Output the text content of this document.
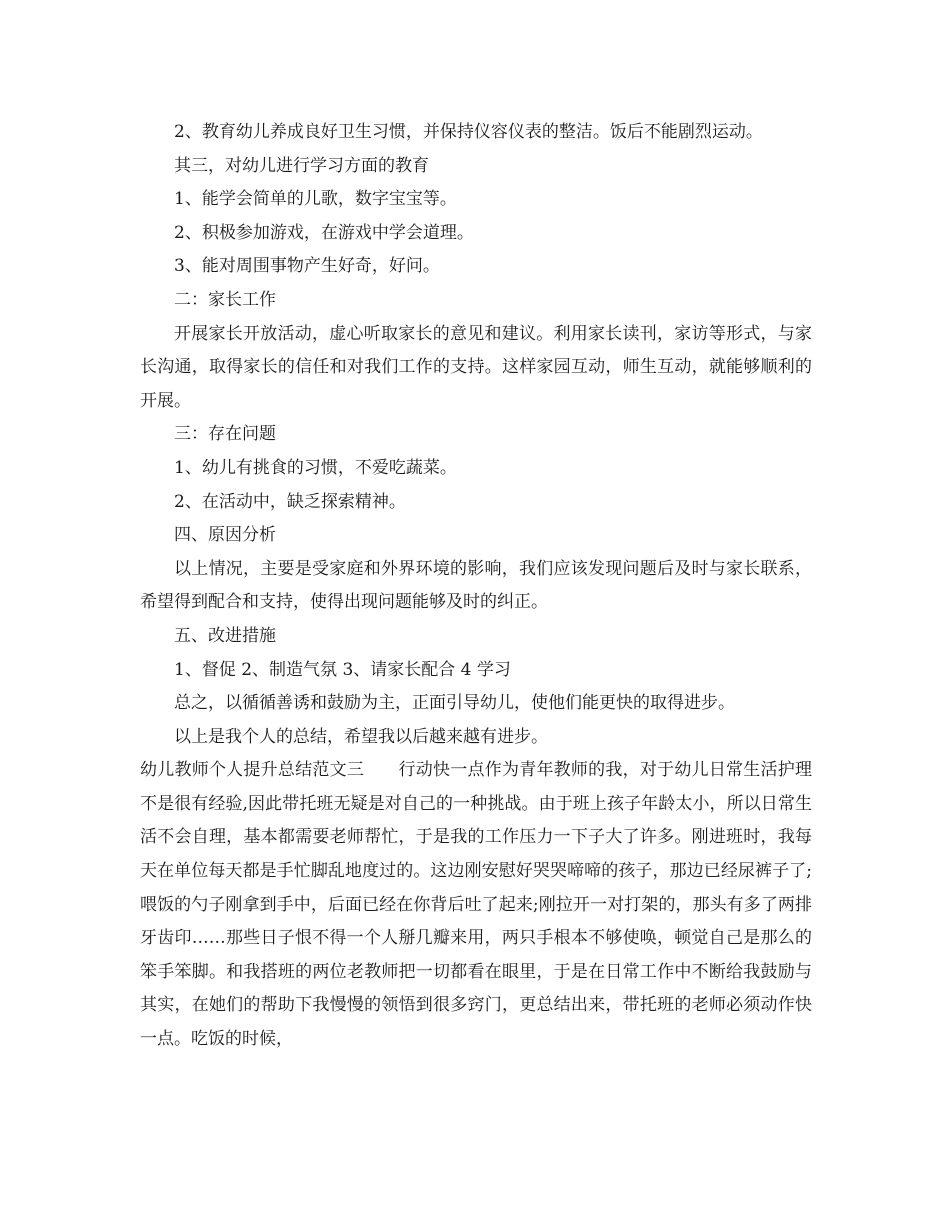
2、教育幼儿养成良好卫生习惯，并保持仪容仪表的整洁。饭后不能剧烈运动。

其三，对幼儿进行学习方面的教育

1、能学会简单的儿歌，数字宝宝等。

2、积极参加游戏，在游戏中学会道理。

3、能对周围事物产生好奇，好问。

二：家长工作

开展家长开放活动，虚心听取家长的意见和建议。利用家长读刊，家访等形式，与家长沟通，取得家长的信任和对我们工作的支持。这样家园互动，师生互动，就能够顺利的开展。

三：存在问题

1、幼儿有挑食的习惯，不爱吃蔬菜。

2、在活动中，缺乏探索精神。

四、原因分析

以上情况，主要是受家庭和外界环境的影响，我们应该发现问题后及时与家长联系，希望得到配合和支持，使得出现问题能够及时的纠正。

五、改进措施

1、督促 2、制造气氛 3、请家长配合 4 学习

总之，以循循善诱和鼓励为主，正面引导幼儿，使他们能更快的取得进步。

以上是我个人的总结，希望我以后越来越有进步。

幼儿教师个人提升总结范文三　　行动快一点作为青年教师的我，对于幼儿日常生活护理不是很有经验,因此带托班无疑是对自己的一种挑战。由于班上孩子年龄太小，所以日常生活不会自理，基本都需要老师帮忙，于是我的工作压力一下子大了许多。刚进班时，我每天在单位每天都是手忙脚乱地度过的。这边刚安慰好哭哭啼啼的孩子，那边已经尿裤子了;喂饭的勺子刚拿到手中，后面已经在你背后吐了起来;刚拉开一对打架的，那头有多了两排牙齿印……那些日子恨不得一个人掰几瓣来用，两只手根本不够使唤，顿觉自己是那么的笨手笨脚。和我搭班的两位老教师把一切都看在眼里，于是在日常工作中不断给我鼓励与其实，在她们的帮助下我慢慢的领悟到很多窍门，更总结出来，带托班的老师必须动作快一点。吃饭的时候，
